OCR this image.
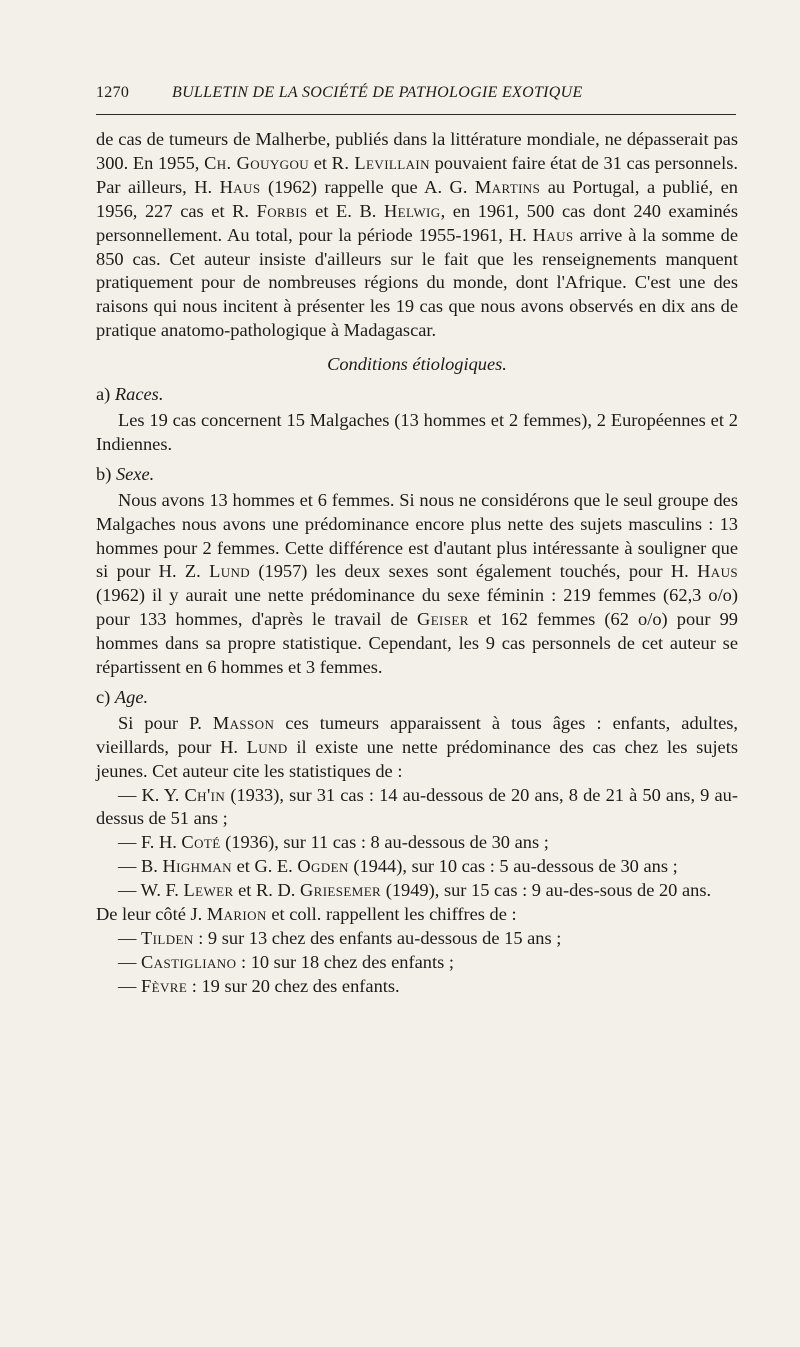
1270	BULLETIN DE LA SOCIÉTÉ DE PATHOLOGIE EXOTIQUE

de cas de tumeurs de Malherbe, publiés dans la littérature mondiale, ne dépasserait pas 300. En 1955, Ch. Gouygou et R. Levillain pouvaient faire état de 31 cas personnels. Par ailleurs, H. Haus (1962) rappelle que A. G. Martins au Portugal, a publié, en 1956, 227 cas et R. Forbis et E. B. Helwig, en 1961, 500 cas dont 240 examinés personnellement. Au total, pour la période 1955-1961, H. Haus arrive à la somme de 850 cas. Cet auteur insiste d'ailleurs sur le fait que les renseignements manquent pratiquement pour de nombreuses régions du monde, dont l'Afrique. C'est une des raisons qui nous incitent à présenter les 19 cas que nous avons observés en dix ans de pratique anatomo-pathologique à Madagascar.

Conditions étiologiques.

a) Races.

Les 19 cas concernent 15 Malgaches (13 hommes et 2 femmes), 2 Européennes et 2 Indiennes.

b) Sexe.

Nous avons 13 hommes et 6 femmes. Si nous ne considérons que le seul groupe des Malgaches nous avons une prédominance encore plus nette des sujets masculins : 13 hommes pour 2 femmes. Cette différence est d'autant plus intéressante à souligner que si pour H. Z. Lund (1957) les deux sexes sont également touchés, pour H. Haus (1962) il y aurait une nette prédominance du sexe féminin : 219 femmes (62,3 o/o) pour 133 hommes, d'après le travail de Geiser et 162 femmes (62 o/o) pour 99 hommes dans sa propre statistique. Cependant, les 9 cas personnels de cet auteur se répartissent en 6 hommes et 3 femmes.

c) Age.

Si pour P. Masson ces tumeurs apparaissent à tous âges : enfants, adultes, vieillards, pour H. Lund il existe une nette prédominance des cas chez les sujets jeunes. Cet auteur cite les statistiques de :

— K. Y. Ch'in (1933), sur 31 cas : 14 au-dessous de 20 ans, 8 de 21 à 50 ans, 9 au-dessus de 51 ans ;

— F. H. Coté (1936), sur 11 cas : 8 au-dessous de 30 ans ;

— B. Highman et G. E. Ogden (1944), sur 10 cas : 5 au-dessous de 30 ans ;

— W. F. Lewer et R. D. Griesemer (1949), sur 15 cas : 9 au-des-sous de 20 ans.

De leur côté J. Marion et coll. rappellent les chiffres de :

— Tilden : 9 sur 13 chez des enfants au-dessous de 15 ans ;

— Castigliano : 10 sur 18 chez des enfants ;

— Fèvre : 19 sur 20 chez des enfants.
